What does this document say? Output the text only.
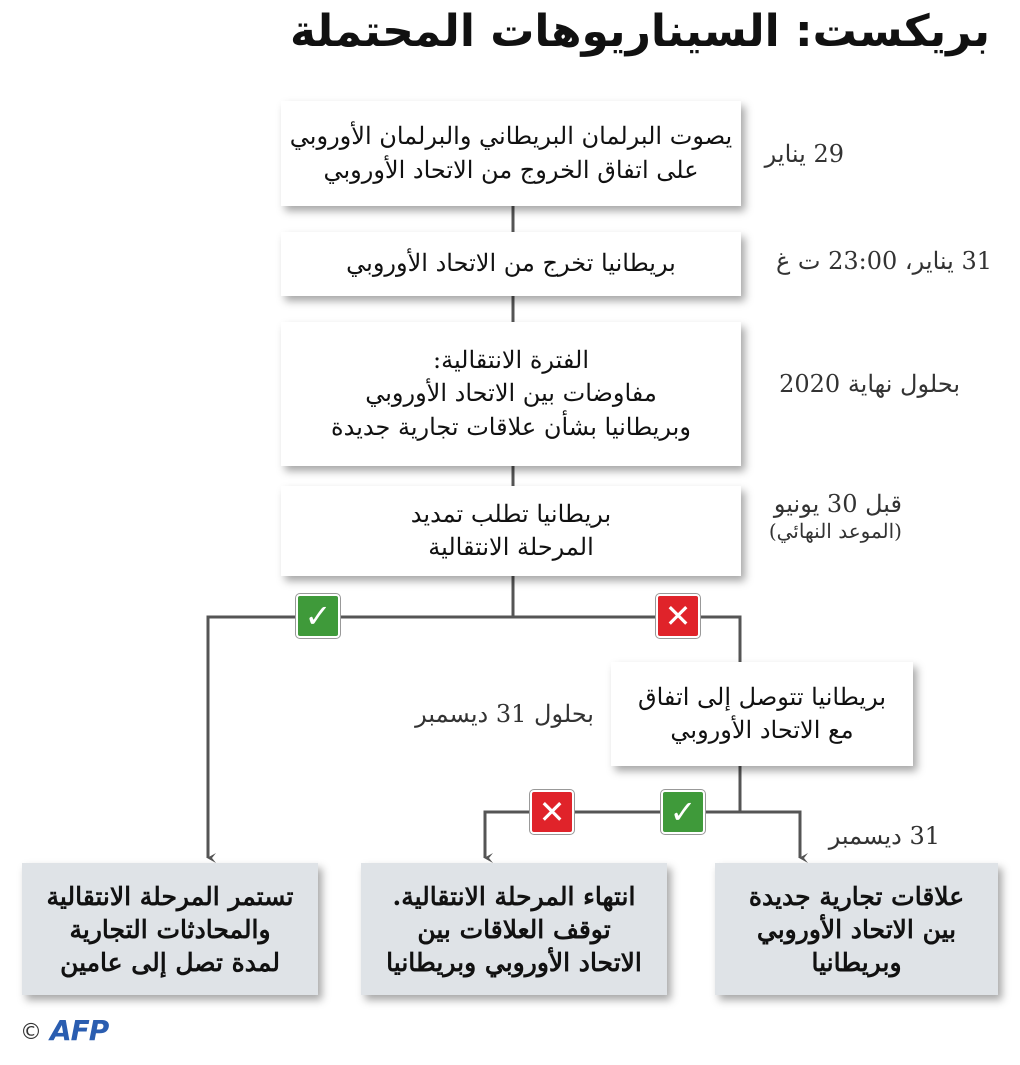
بريكست: السيناريوهات المحتملة
يصوت البرلمان البريطاني والبرلمان الأوروبي
على اتفاق الخروج من الاتحاد الأوروبي
29 يناير
بريطانيا تخرج من الاتحاد الأوروبي	31 يناير، 23:00 ت غ
الفترة الانتقالية:
مفاوضات بين الاتحاد الأوروبي
وبريطانيا بشأن علاقات تجارية جديدة
بحلول نهاية 2020
بريطانيا تطلب تمديد
المرحلة الانتقالية
قبل 30 يونيو
(الموعد النهائي)
بريطانيا تتوصل إلى اتفاق
مع الاتحاد الأوروبي
بحلول 31 ديسمبر
31 ديسمبر
علاقات تجارية جديدة
بين الاتحاد الأوروبي
وبريطانيا
انتهاء المرحلة الانتقالية.
توقف العلاقات بين
الاتحاد الأوروبي وبريطانيا
تستمر المرحلة الانتقالية
والمحادثات التجارية
لمدة تصل إلى عامين
✓	✕
✕	✓
© AFP
